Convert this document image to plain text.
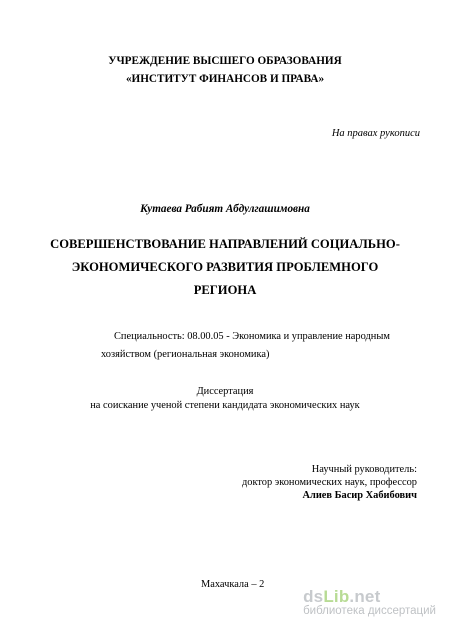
УЧРЕЖДЕНИЕ ВЫСШЕГО ОБРАЗОВАНИЯ
«ИНСТИТУТ ФИНАНСОВ И ПРАВА»
На правах рукописи
Кутаева Рабият Абдулгашимовна
СОВЕРШЕНСТВОВАНИЕ НАПРАВЛЕНИЙ СОЦИАЛЬНО-
ЭКОНОМИЧЕСКОГО РАЗВИТИЯ ПРОБЛЕМНОГО
РЕГИОНА
Специальность: 08.00.05 - Экономика и управление народным
хозяйством (региональная экономика)
Диссертация
на соискание ученой степени кандидата экономических наук
Научный руководитель:
доктор экономических наук, профессор
Алиев Басир Хабибович
Махачкала – 2
dsLib.net
библиотека диссертаций
